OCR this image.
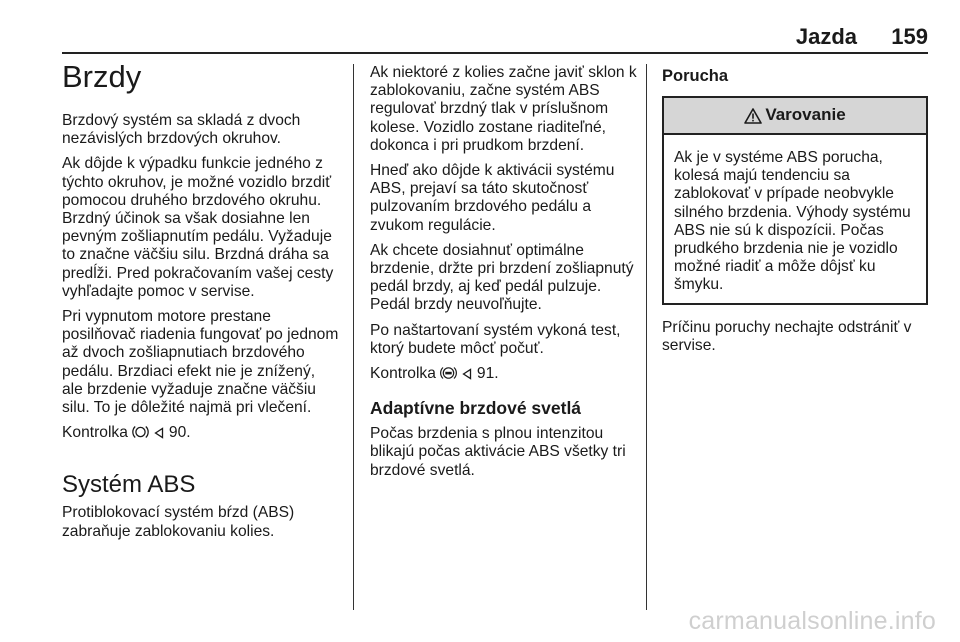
Jazda 159
Brzdy

Brzdový systém sa skladá z dvoch nezávislých brzdových okruhov.

Ak dôjde k výpadku funkcie jedného z týchto okruhov, je možné vozidlo brzdiť pomocou druhého brzdového okruhu. Brzdný účinok sa však dosiahne len pevným zošliapnutím pedálu. Vyžaduje to značne väčšiu silu. Brzdná dráha sa predĺži. Pred pokračovaním vašej cesty vyhľadajte pomoc v servise.

Pri vypnutom motore prestane posilňovač riadenia fungovať po jednom až dvoch zošliapnutiach brzdového pedálu. Brzdiaci efekt nie je znížený, ale brzdenie vyžaduje značne väčšiu silu. To je dôležité najmä pri vlečení.

Kontrolka	90.

Systém ABS

Protiblokovací systém bŕzd (ABS) zabraňuje zablokovaniu kolies.

Ak niektoré z kolies začne javiť sklon k zablokovaniu, začne systém ABS regulovať brzdný tlak v príslušnom kolese. Vozidlo zostane riaditeľné, dokonca i pri prudkom brzdení.

Hneď ako dôjde k aktivácii systému ABS, prejaví sa táto skutočnosť pulzovaním brzdového pedálu a zvukom regulácie.

Ak chcete dosiahnuť optimálne brzdenie, držte pri brzdení zošliapnutý pedál brzdy, aj keď pedál pulzuje. Pedál brzdy neuvoľňujte.

Po naštartovaní systém vykoná test, ktorý budete môcť počuť.

Kontrolka	91.

Adaptívne brzdové svetlá

Počas brzdenia s plnou intenzitou blikajú počas aktivácie ABS všetky tri brzdové svetlá.

Porucha
Varovanie

Ak je v systéme ABS porucha, kolesá majú tendenciu sa zablokovať v prípade neobvykle silného brzdenia. Výhody systému ABS nie sú k dispozícii. Počas prudkého brzdenia nie je vozidlo možné riadiť a môže dôjsť ku šmyku.

Príčinu poruchy nechajte odstrániť v servise.

carmanualsonline.info
